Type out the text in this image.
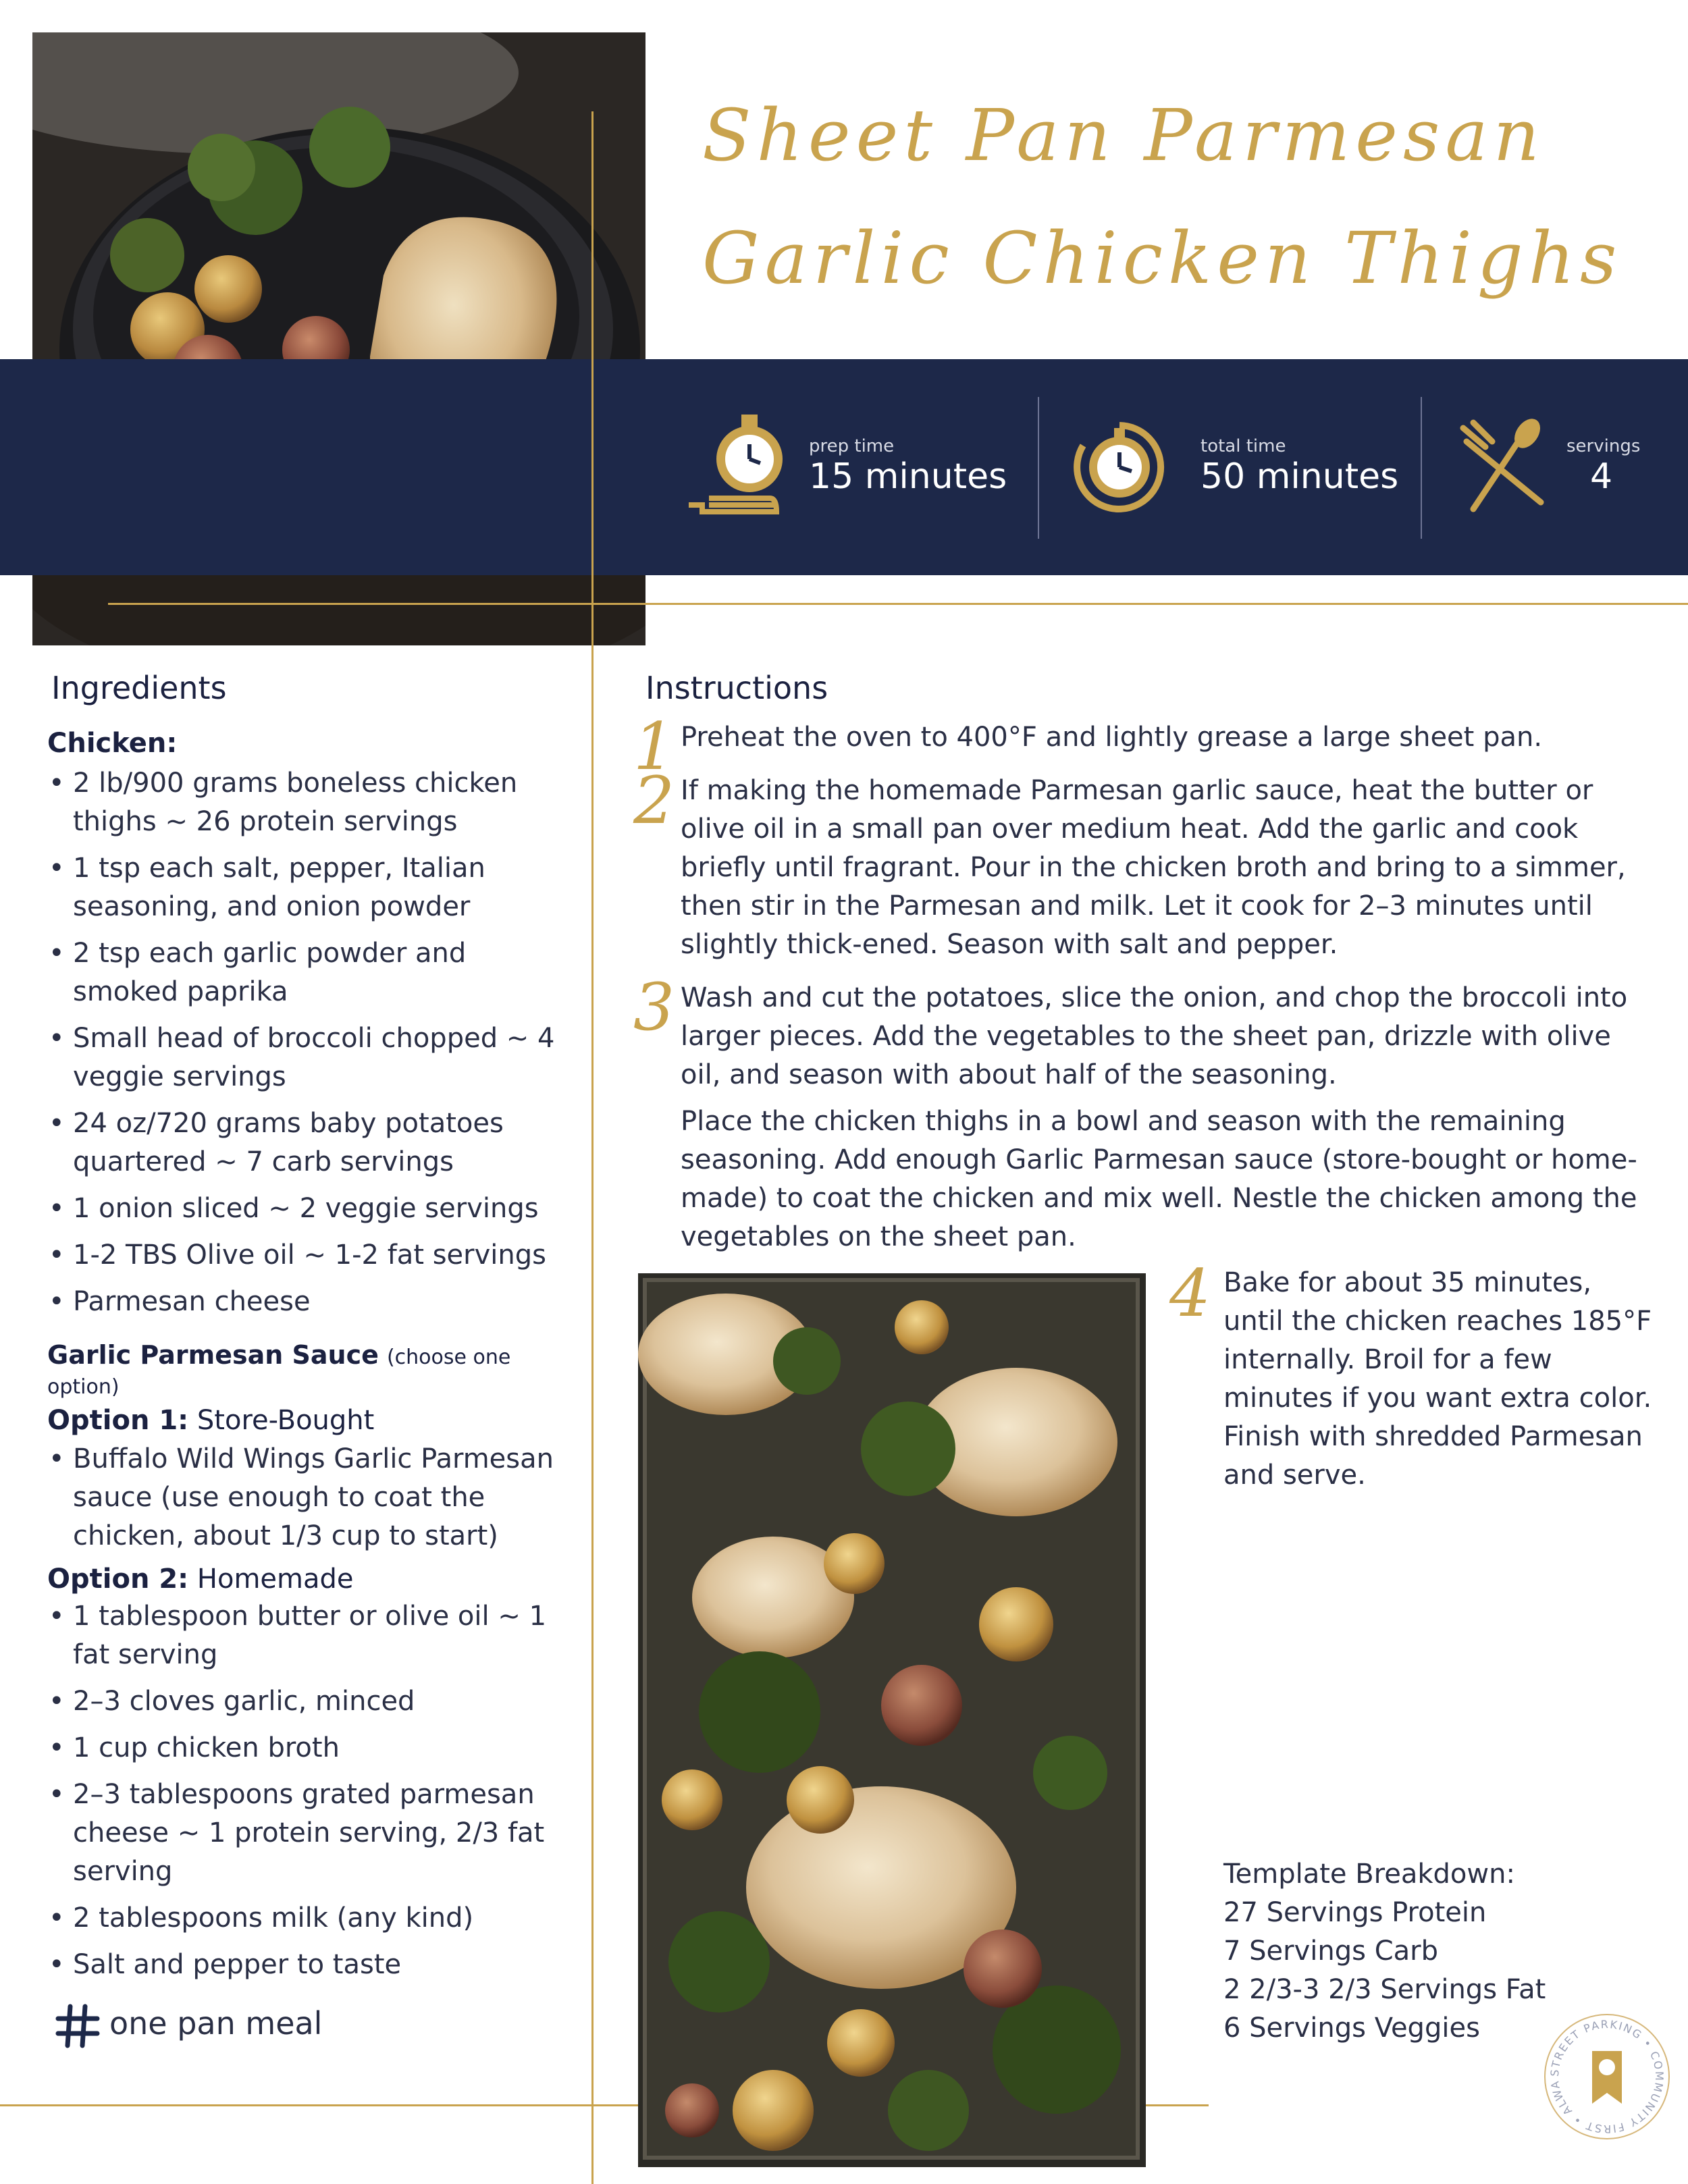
Sheet Pan Parmesan
Garlic Chicken Thighs
prep time
15 minutes
total time
50 minutes
servings
4
Ingredients
Chicken:
• 2 lb/900 grams boneless chicken thighs ~ 26 protein servings
• 1 tsp each salt, pepper, Italian seasoning, and onion powder
• 2 tsp each garlic powder and smoked paprika
• Small head of broccoli chopped ~ 4 veggie servings
• 24 oz/720 grams baby potatoes quartered ~ 7 carb servings
• 1 onion sliced ~ 2 veggie servings
• 1-2 TBS Olive oil ~ 1-2 fat servings
• Parmesan cheese
Garlic Parmesan Sauce (choose one option)
Option 1: Store-Bought
• Buffalo Wild Wings Garlic Parmesan sauce (use enough to coat the chicken, about 1/3 cup to start)
Option 2: Homemade
• 1 tablespoon butter or olive oil ~ 1 fat serving
• 2–3 cloves garlic, minced
• 1 cup chicken broth
• 2–3 tablespoons grated parmesan cheese ~ 1 protein serving, 2/3 fat serving
• 2 tablespoons milk (any kind)
• Salt and pepper to taste
one pan meal
Instructions
1 Preheat the oven to 400°F and lightly grease a large sheet pan.
2 If making the homemade Parmesan garlic sauce, heat the butter or olive oil in a small pan over medium heat. Add the garlic and cook briefly until fragrant. Pour in the chicken broth and bring to a simmer, then stir in the Parmesan and milk. Let it cook for 2–3 minutes until slightly thick-ened. Season with salt and pepper.
3 Wash and cut the potatoes, slice the onion, and chop the broccoli into larger pieces. Add the vegetables to the sheet pan, drizzle with olive oil, and season with about half of the seasoning.
Place the chicken thighs in a bowl and season with the remaining seasoning. Add enough Garlic Parmesan sauce (store-bought or home-made) to coat the chicken and mix well. Nestle the chicken among the vegetables on the sheet pan.
4 Bake for about 35 minutes, until the chicken reaches 185°F internally. Broil for a few minutes if you want extra color. Finish with shredded Parmesan and serve.
Template Breakdown:
27 Servings Protein
7 Servings Carb
2 2/3-3 2/3 Servings Fat
6 Servings Veggies
STREET PARKING • COMMUNITY FIRST • ALWA
